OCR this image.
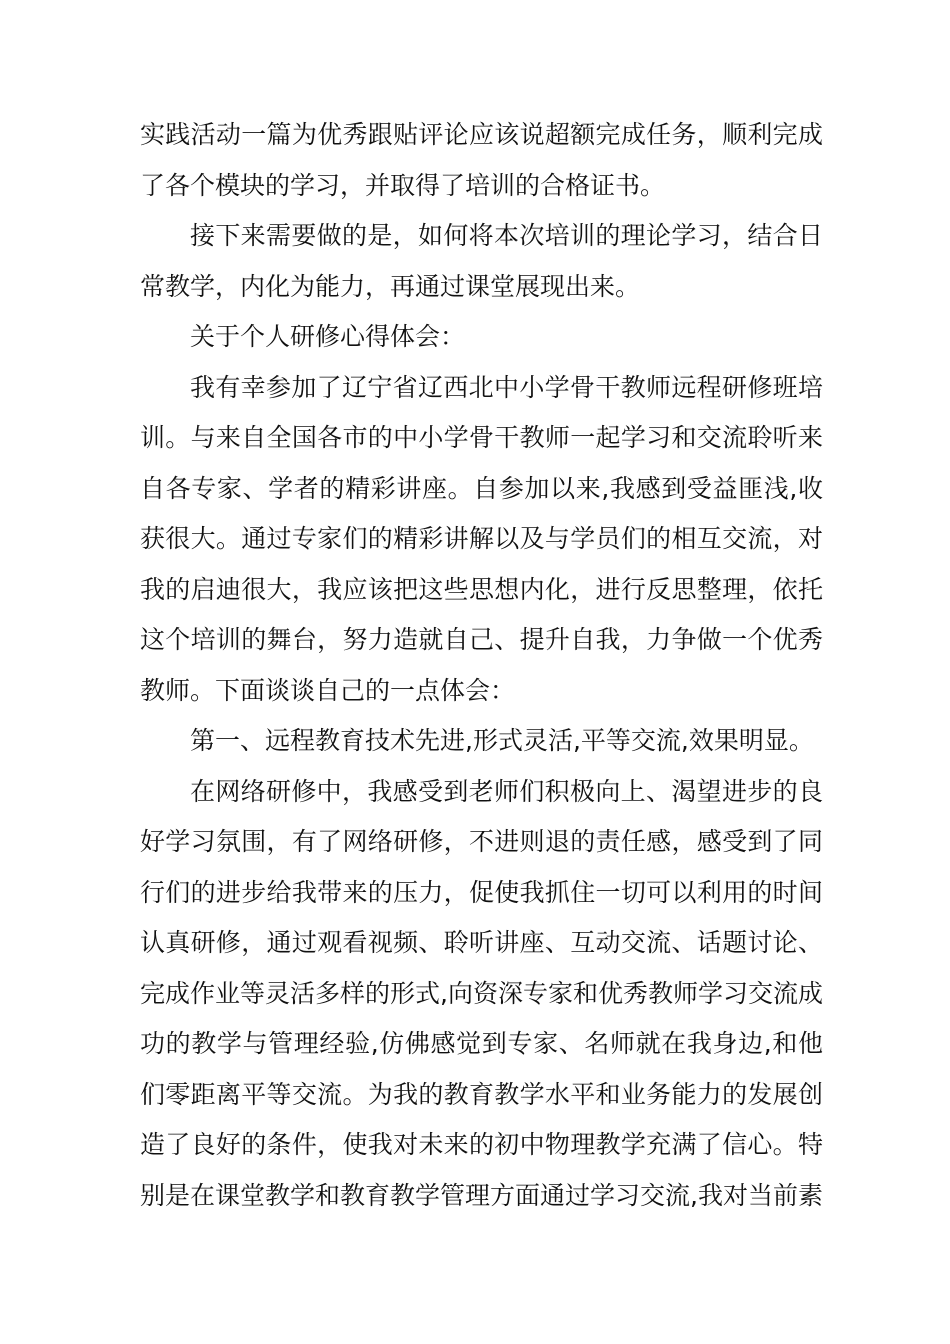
实践活动一篇为优秀跟贴评论应该说超额完成任务，顺利完成了各个模块的学习，并取得了培训的合格证书。

接下来需要做的是，如何将本次培训的理论学习，结合日常教学，内化为能力，再通过课堂展现出来。

关于个人研修心得体会：

我有幸参加了辽宁省辽西北中小学骨干教师远程研修班培训。与来自全国各市的中小学骨干教师一起学习和交流聆听来自各专家、学者的精彩讲座。自参加以来,我感到受益匪浅,收获很大。通过专家们的精彩讲解以及与学员们的相互交流，对我的启迪很大，我应该把这些思想内化，进行反思整理，依托这个培训的舞台，努力造就自己、提升自我，力争做一个优秀教师。下面谈谈自己的一点体会：

第一、远程教育技术先进,形式灵活,平等交流,效果明显。

在网络研修中，我感受到老师们积极向上、渴望进步的良好学习氛围，有了网络研修，不进则退的责任感，感受到了同行们的进步给我带来的压力，促使我抓住一切可以利用的时间认真研修，通过观看视频、聆听讲座、互动交流、话题讨论、完成作业等灵活多样的形式,向资深专家和优秀教师学习交流成功的教学与管理经验,仿佛感觉到专家、名师就在我身边,和他们零距离平等交流。为我的教育教学水平和业务能力的发展创造了良好的条件，使我对未来的初中物理教学充满了信心。特别是在课堂教学和教育教学管理方面通过学习交流,我对当前素
